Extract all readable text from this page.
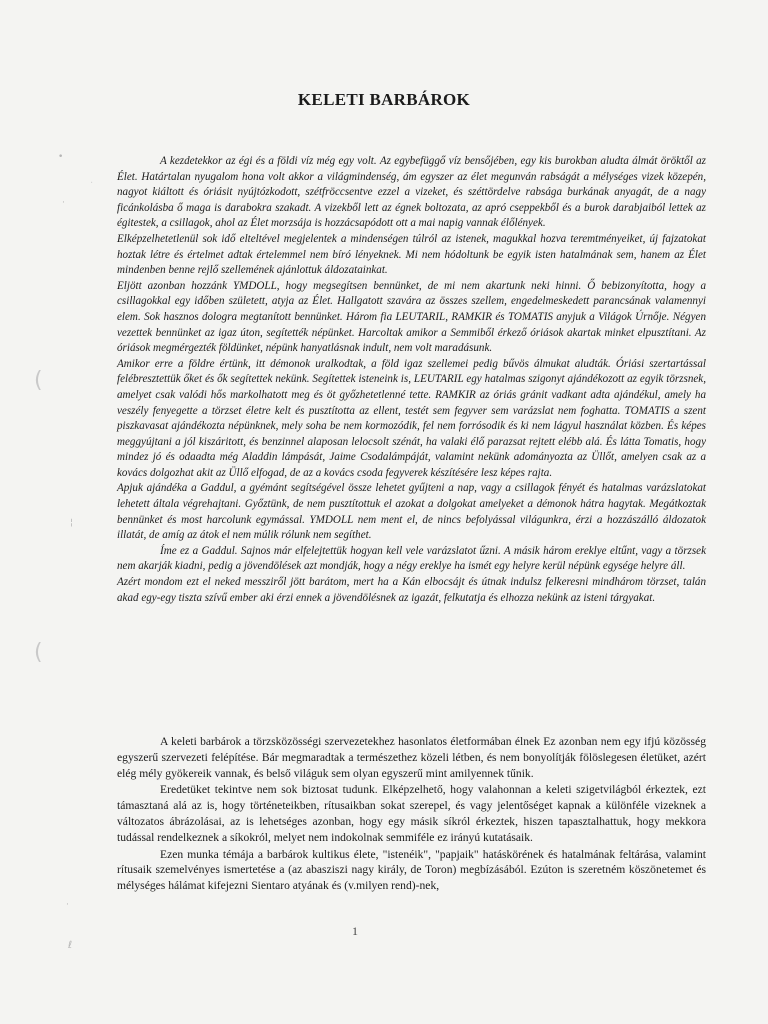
KELETI BARBÁROK

A kezdetekkor az égi és a földi víz még egy volt. Az egybefüggő víz bensőjében, egy kis burokban aludta álmát öröktől az Élet. Határtalan nyugalom hona volt akkor a világmindenség, ám egyszer az élet megunván rabságát a mélységes vizek közepén, nagyot kiáltott és óriásit nyújtózkodott, szétfröccsentve ezzel a vizeket, és széttördelve rabsága burkának anyagát, de a nagy ficánkolásba ő maga is darabokra szakadt. A vizekből lett az égnek boltozata, az apró cseppekből és a burok darabjaiból lettek az égitestek, a csillagok, ahol az Élet morzsája is hozzácsapódott ott a mai napig vannak élőlények.

Elképzelhetetlenül sok idő elteltével megjelentek a mindenségen túlról az istenek, magukkal hozva teremtményeiket, új fajzatokat hoztak létre és értelmet adtak értelemmel nem bíró lényeknek. Mi nem hódoltunk be egyik isten hatalmának sem, hanem az Élet mindenben benne rejlő szellemének ajánlottuk áldozatainkat.

Eljött azonban hozzánk YMDOLL, hogy megsegítsen bennünket, de mi nem akartunk neki hinni. Ő bebizonyította, hogy a csillagokkal egy időben született, atyja az Élet. Hallgatott szavára az összes szellem, engedelmeskedett parancsának valamennyi elem. Sok hasznos dologra megtanított bennünket. Három fia LEUTARIL, RAMKIR és TOMATIS anyjuk a Világok Úrnője. Négyen vezettek bennünket az igaz úton, segítették népünket. Harcoltak amikor a Semmiből érkező óriások akartak minket elpusztítani. Az óriások megmérgezték földünket, népünk hanyatlásnak indult, nem volt maradásunk.

Amikor erre a földre értünk, itt démonok uralkodtak, a föld igaz szellemei pedig bűvös álmukat aludták. Óriási szertartással felébresztettük őket és ők segítettek nekünk. Segítettek isteneink is, LEUTARIL egy hatalmas szigonyt ajándékozott az egyik törzsnek, amelyet csak valódi hős markolhatott meg és öt győzhetetlenné tette. RAMKIR az óriás gránit vadkant adta ajándékul, amely ha veszély fenyegette a törzset életre kelt és pusztította az ellent, testét sem fegyver sem varázslat nem foghatta. TOMATIS a szent piszkavasat ajándékozta népünknek, mely soha be nem kormozódik, fel nem forrósodik és ki nem lágyul használat közben. És képes meggyújtani a jól kiszáritott, és benzinnel alaposan lelocsolt szénát, ha valaki élő parazsat rejtett elébb alá. És látta Tomatis, hogy mindez jó és odaadta még Aladdin lámpását, Jaime Csodalámpáját, valamint nekünk adományozta az Üllőt, amelyen csak az a kovács dolgozhat akit az Üllő elfogad, de az a kovács csoda fegyverek készítésére lesz képes rajta.

Apjuk ajándéka a Gaddul, a gyémánt segítségével össze lehetet gyűjteni a nap, vagy a csillagok fényét és hatalmas varázslatokat lehetett általa végrehajtani. Győztünk, de nem pusztítottuk el azokat a dolgokat amelyeket a démonok hátra hagytak. Megátkoztak bennünket és most harcolunk egymással. YMDOLL nem ment el, de nincs befolyással világunkra, érzi a hozzászálló áldozatok illatát, de amíg az átok el nem múlik rólunk nem segíthet.

Íme ez a Gaddul. Sajnos már elfelejtettük hogyan kell vele varázslatot űzni. A másik három ereklye eltűnt, vagy a törzsek nem akarják kiadni, pedig a jövendölések azt mondják, hogy a négy ereklye ha ismét egy helyre kerül népünk egysége helyre áll.

Azért mondom ezt el neked messziről jött barátom, mert ha a Kán elbocsájt és útnak indulsz felkeresni mindhárom törzset, talán akad egy-egy tiszta szívű ember aki érzi ennek a jövendölésnek az igazát, felkutatja és elhozza nekünk az isteni tárgyakat.

A keleti barbárok a törzsközösségi szervezetekhez hasonlatos életformában élnek Ez azonban nem egy ifjú közösség egyszerű szervezeti felépítése. Bár megmaradtak a természethez közeli létben, és nem bonyolítják fölöslegesen életüket, azért elég mély gyökereik vannak, és belső világuk sem olyan egyszerű mint amilyennek tűnik.

Eredetüket tekintve nem sok biztosat tudunk. Elképzelhető, hogy valahonnan a keleti szigetvilágból érkeztek, ezt támasztaná alá az is, hogy történeteikben, rítusaikban sokat szerepel, és vagy jelentőséget kapnak a különféle vizeknek a változatos ábrázolásai, az is lehetséges azonban, hogy egy másik síkról érkeztek, hiszen tapasztalhattuk, hogy mekkora tudással rendelkeznek a síkokról, melyet nem indokolnak semmiféle ez irányú kutatásaik.

Ezen munka témája a barbárok kultikus élete, "istenéik", "papjaik" hatáskörének és hatalmának feltárása, valamint rítusaik szemelvényes ismertetése a (az abasziszi nagy király, de Toron) megbízásából. Ezúton is szeretném köszönetemet és mélységes hálámat kifejezni Sientaro atyának és (v.milyen rend)-nek,

1
(
(
•
·
¦
·
ℓ
·
